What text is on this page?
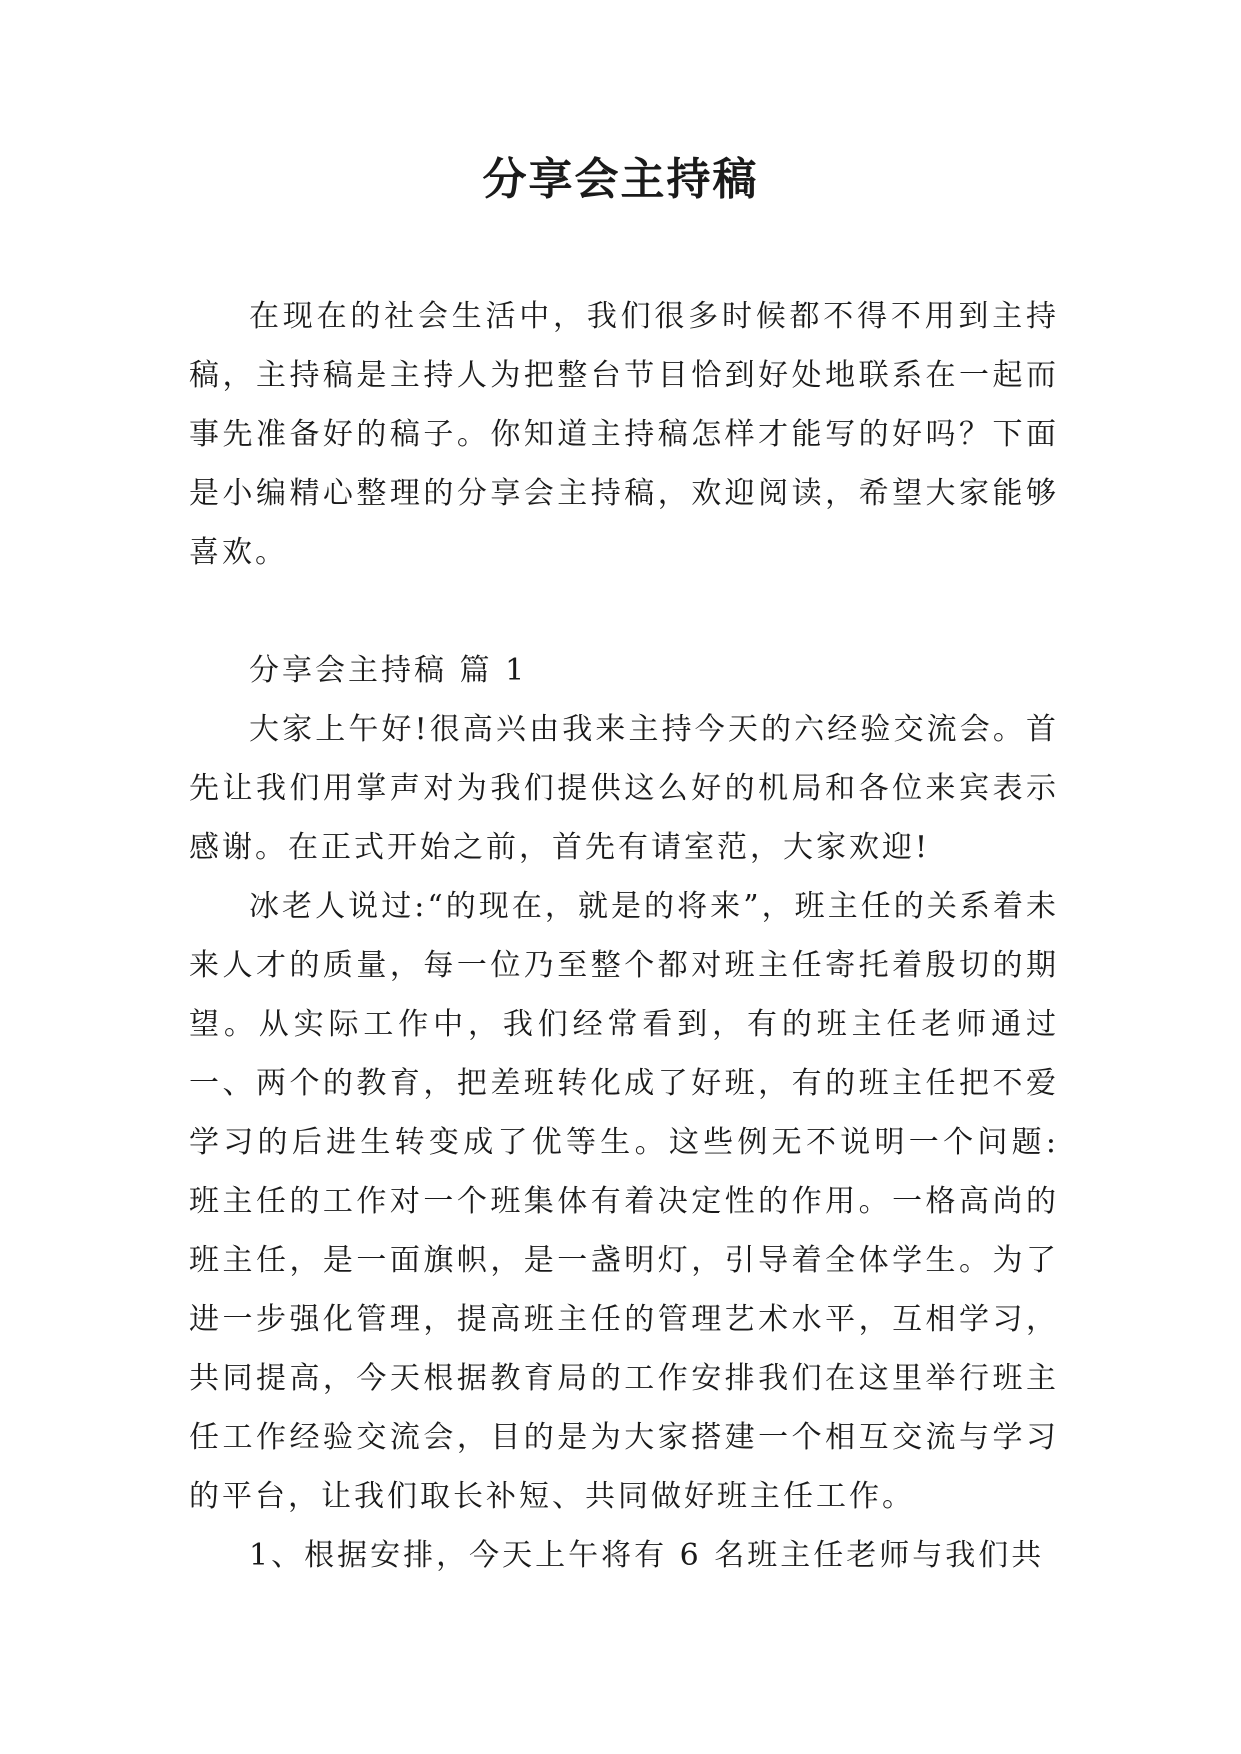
分享会主持稿

在现在的社会生活中，我们很多时候都不得不用到主持稿，主持稿是主持人为把整台节目恰到好处地联系在一起而事先准备好的稿子。你知道主持稿怎样才能写的好吗？下面是小编精心整理的分享会主持稿，欢迎阅读，希望大家能够喜欢。

分享会主持稿 篇 1

大家上午好!很高兴由我来主持今天的六经验交流会。首先让我们用掌声对为我们提供这么好的机局和各位来宾表示感谢。在正式开始之前，首先有请室范，大家欢迎!

冰老人说过:“的现在，就是的将来”，班主任的关系着未来人才的质量，每一位乃至整个都对班主任寄托着殷切的期望。从实际工作中，我们经常看到，有的班主任老师通过一、两个的教育，把差班转化成了好班，有的班主任把不爱学习的后进生转变成了优等生。这些例无不说明一个问题:班主任的工作对一个班集体有着决定性的作用。一格高尚的班主任，是一面旗帜，是一盏明灯，引导着全体学生。为了进一步强化管理，提高班主任的管理艺术水平，互相学习，共同提高，今天根据教育局的工作安排我们在这里举行班主任工作经验交流会，目的是为大家搭建一个相互交流与学习的平台，让我们取长补短、共同做好班主任工作。

1、根据安排，今天上午将有 6 名班主任老师与我们共
